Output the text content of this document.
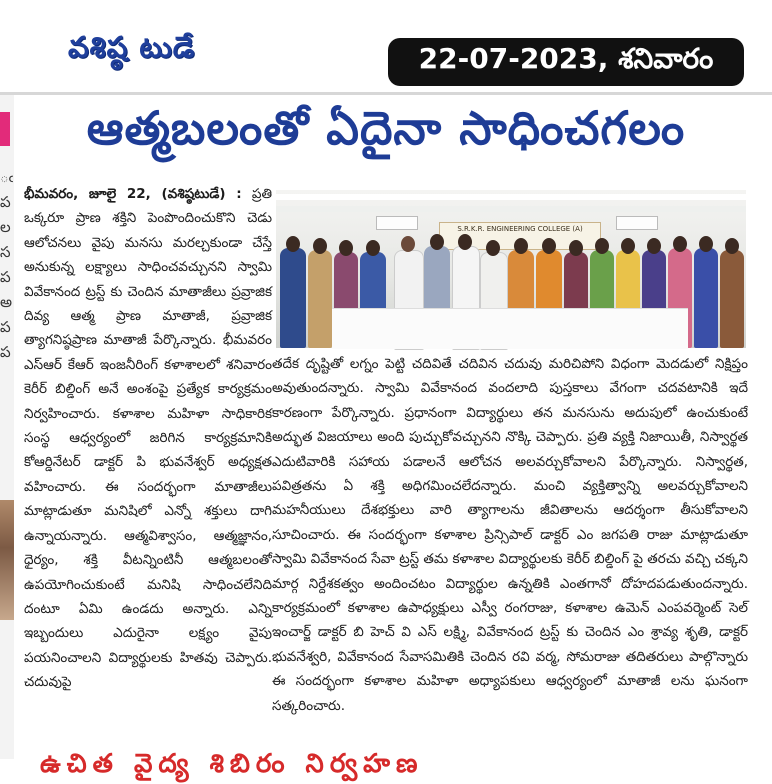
వశిష్ఠ టుడే	22-07-2023, శనివారం
ఁ
ప
ల
స
ప
అ
ప
ప
ఆత్మబలంతో ఏదైనా సాధించగలం
భీమవరం, జూలై 22, (వశిష్ఠటుడే) : ప్రతి ఒక్కరూ ప్రాణ శక్తిని పెంపొందించుకొని చెడు ఆలోచనలు వైపు మనసు మరల్చకుండా చేస్తే అనుకున్న లక్ష్యాలు సాధించవచ్చునని స్వామి వివేకానంద ట్రస్ట్ కు చెందిన మాతాజీలు ప్రవ్రాజిక దివ్య ఆత్మ ప్రాణ మాతాజీ, ప్రవ్రాజిక త్యాగనిష్ఠప్రాణ మాతాజీ పేర్కొన్నారు. భీమవరం ఎస్ఆర్ కేఆర్ ఇంజనీరింగ్ కళాశాలలో శనివారం కెరీర్ బిల్డింగ్ అనే అంశంపై ప్రత్యేక కార్యక్రమం నిర్వహించారు. కళాశాల మహిళా సాధికారిక సంస్థ ఆధ్వర్యంలో జరిగిన కార్యక్రమానికి కోఆర్డినేటర్ డాక్టర్ పి భువనేశ్వర్ అధ్యక్షత వహించారు. ఈ సందర్భంగా మాతాజీలు మాట్లాడుతూ మనిషిలో ఎన్నో శక్తులు దాగి ఉన్నాయన్నారు. ఆత్మవిశ్వాసం, ఆత్మజ్ఞానం, ధైర్యం, శక్తి వీటన్నింటినీ ఆత్మబలంతో ఉపయోగించుకుంటే మనిషి సాధించలేనిది దంటూ ఏమి ఉండదు అన్నారు. ఎన్ని ఇబ్బందులు ఎదురైనా లక్ష్యం వైపు పయనించాలని విద్యార్థులకు హితవు చెప్పారు. చదువుపై
S.R.K.R. ENGINEERING COLLEGE (A)
తదేక దృష్టితో లగ్నం పెట్టి చదివితే చదివిన చదువు మరిచిపోని విధంగా మెదడులో నిక్షిప్తం అవుతుందన్నారు. స్వామి వివేకానంద వందలాది పుస్తకాలు వేగంగా చదవటానికి ఇదే కారణంగా పేర్కొన్నారు. ప్రధానంగా విద్యార్థులు తన మనసును అదుపులో ఉంచుకుంటే అద్భుత విజయాలు అంది పుచ్చుకోవచ్చునని నొక్కి చెప్పారు. ప్రతి వ్యక్తి నిజాయితీ, నిస్వార్థత ఎదుటివారికి సహాయ పడాలనే ఆలోచన అలవర్చుకోవాలని పేర్కొన్నారు. నిస్వార్థత, పవిత్రతను ఏ శక్తి అధిగమించలేదన్నారు. మంచి వ్యక్తిత్వాన్ని అలవర్చుకోవాలని మహనీయులు దేశభక్తులు వారి త్యాగాలను జీవితాలను ఆదర్శంగా తీసుకోవాలని సూచించారు. ఈ సందర్భంగా కళాశాల ప్రిన్సిపాల్ డాక్టర్ ఎం జగపతి రాజు మాట్లాడుతూ స్వామి వివేకానంద సేవా ట్రస్ట్ తమ కళాశాల విద్యార్థులకు కెరీర్ బిల్డింగ్ పై తరచు వచ్చి చక్కని మార్గ నిర్దేశకత్వం అందించటం విద్యార్థుల ఉన్నతికి ఎంతగానో దోహదపడుతుందన్నారు. కార్యక్రమంలో కళాశాల ఉపాధ్యక్షులు ఎస్వీ రంగరాజు, కళాశాల ఉమెన్ ఎంపవర్మెంట్ సెల్ ఇంచార్జ్ డాక్టర్ బి హెచ్ వి ఎస్ లక్ష్మి, వివేకానంద ట్రస్ట్ కు చెందిన ఎం శ్రావ్య శృతి, డాక్టర్ భువనేశ్వరి, వివేకానంద సేవాసమితికి చెందిన రవి వర్మ, సోమరాజు తదితరులు పాల్గొన్నారు ఈ సందర్భంగా కళాశాల మహిళా అధ్యాపకులు ఆధ్వర్యంలో మాతాజీ లను ఘనంగా సత్కరించారు.
ఉచిత వైద్య శిబిరం నిర్వహణ
